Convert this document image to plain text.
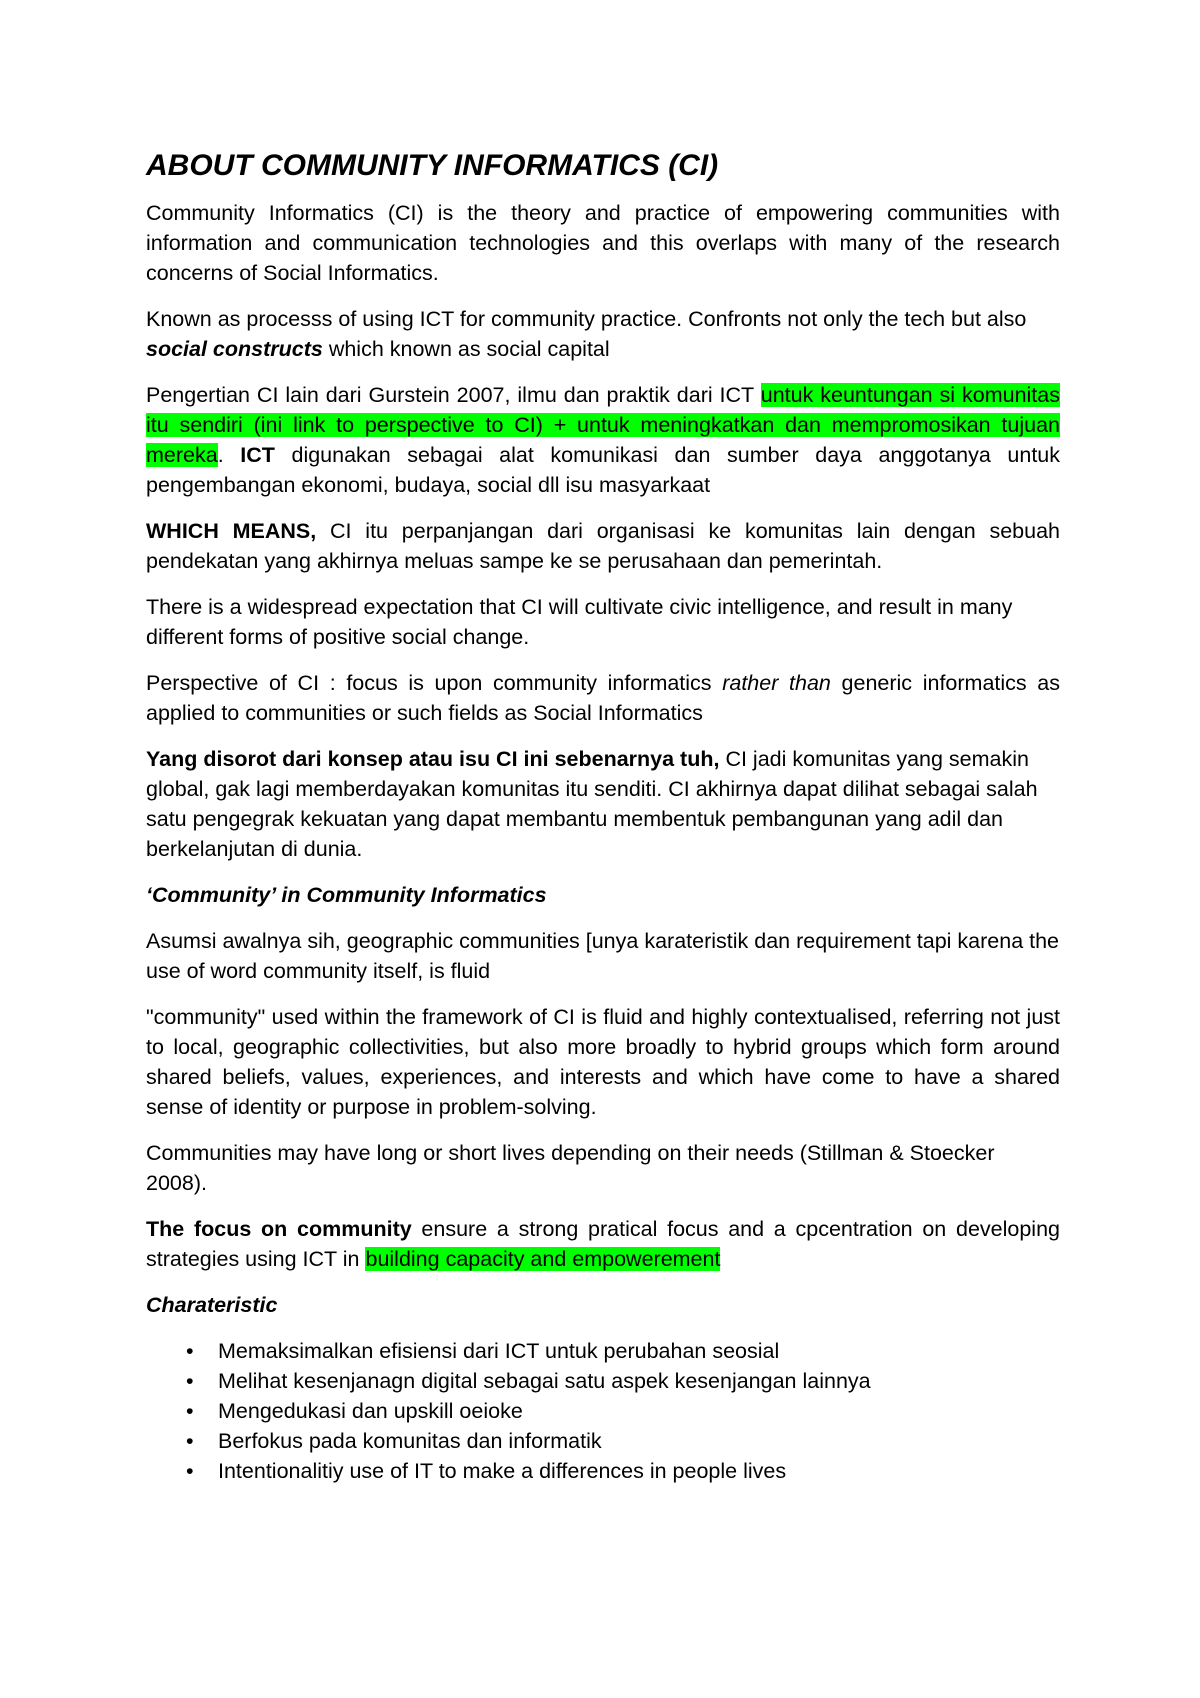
ABOUT COMMUNITY INFORMATICS (CI)

Community Informatics (CI) is the theory and practice of empowering communities with information and communication technologies and this overlaps with many of the research concerns of Social Informatics.

Known as processs of using ICT for community practice. Confronts not only the tech but also social constructs which known as social capital

Pengertian CI lain dari Gurstein 2007, ilmu dan praktik dari ICT untuk keuntungan si komunitas itu sendiri (ini link to perspective to CI) + untuk meningkatkan dan mempromosikan tujuan mereka. ICT digunakan sebagai alat komunikasi dan sumber daya anggotanya untuk pengembangan ekonomi, budaya, social dll isu masyarkaat

WHICH MEANS, CI itu perpanjangan dari organisasi ke komunitas lain dengan sebuah pendekatan yang akhirnya meluas sampe ke se perusahaan dan pemerintah.

There is a widespread expectation that CI will cultivate civic intelligence, and result in many different forms of positive social change.

Perspective of CI : focus is upon community informatics rather than generic informatics as applied to communities or such fields as Social Informatics

Yang disorot dari konsep atau isu CI ini sebenarnya tuh, CI jadi komunitas yang semakin global, gak lagi memberdayakan komunitas itu senditi. CI akhirnya dapat dilihat sebagai salah satu pengegrak kekuatan yang dapat membantu membentuk pembangunan yang adil dan berkelanjutan di dunia.

‘Community’ in Community Informatics

Asumsi awalnya sih, geographic communities [unya karateristik dan requirement tapi karena the use of word community itself, is fluid

"community" used within the framework of CI is fluid and highly contextualised, referring not just to local, geographic collectivities, but also more broadly to hybrid groups which form around shared beliefs, values, experiences, and interests and which have come to have a shared sense of identity or purpose in problem-solving.

Communities may have long or short lives depending on their needs (Stillman & Stoecker 2008).

The focus on community ensure a strong pratical focus and a cpcentration on developing strategies using ICT in building capacity and empowerement

Charateristic
• Memaksimalkan efisiensi dari ICT untuk perubahan seosial
• Melihat kesenjanagn digital sebagai satu aspek kesenjangan lainnya
• Mengedukasi dan upskill oeioke
• Berfokus pada komunitas dan informatik
• Intentionalitiy use of IT to make a differences in people lives
